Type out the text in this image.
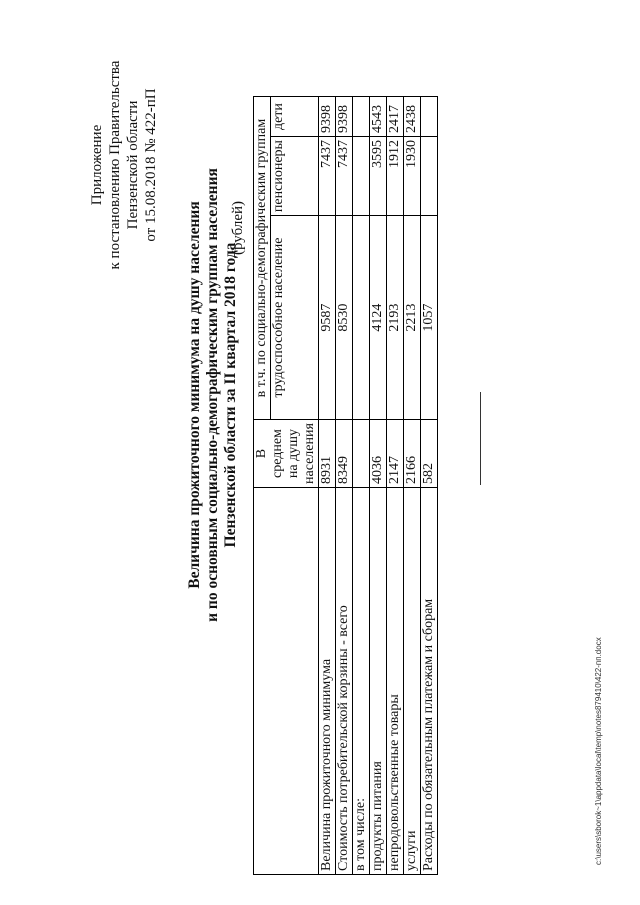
Приложение к постановлению Правительства Пензенской области от 15.08.2018 № 422-пП
Величина прожиточного минимума на душу населения и по основным социально-демографическим группам населения Пензенской области за II квартал 2018 года
(рублей)
	В среднем на душу населения	в т.ч. по социально-демографическим группам		
		трудоспособное население	пенсионеры	дети
Величина прожиточного минимума	8931	9587	7437	9398
Стоимость потребительской корзины - всего	8349	8530	7437	9398
в том числе:				
продукты питания	4036	4124	3595	4543
непродовольственные товары	2147	2193	1912	2417
услуги	2166	2213	1930	2438
Расходы по обязательным платежам и сборам	582	1057		
c:\users\sborok~1\appdata\local\temp\notes879410\422-пп.docx
